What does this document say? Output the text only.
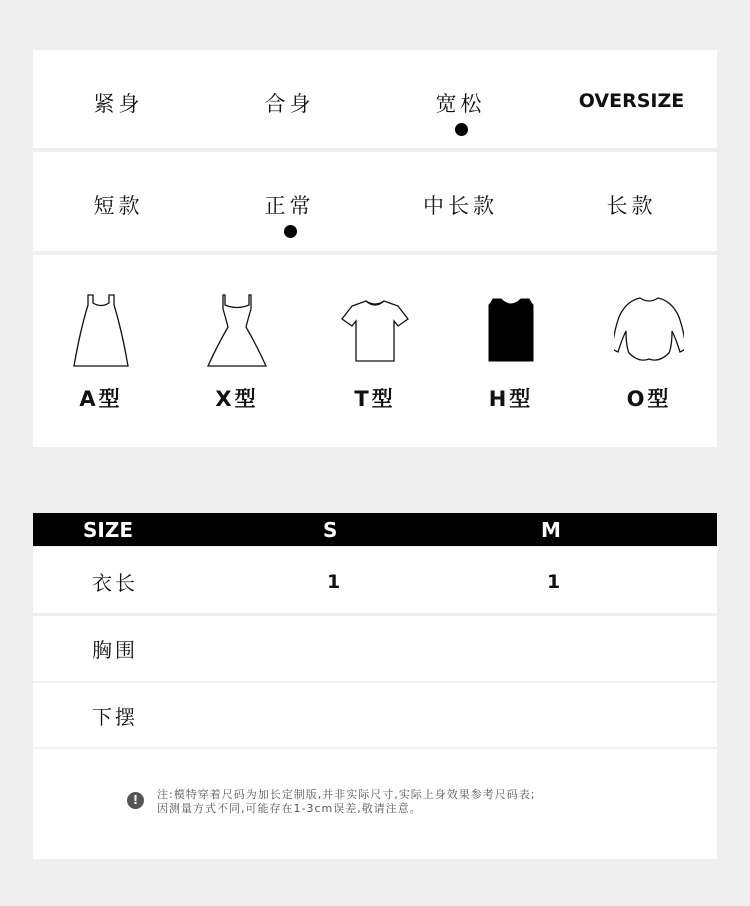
紧身	合身	宽松	OVERSIZE
短款	正常	中长款	长款
A型	X型	T型	H型	O型
SIZE	S	M
衣长	1	1
胸围
下摆
!	注:模特穿着尺码为加长定制版,并非实际尺寸,实际上身效果参考尺码表;
因测量方式不同,可能存在1-3cm误差,敬请注意。
